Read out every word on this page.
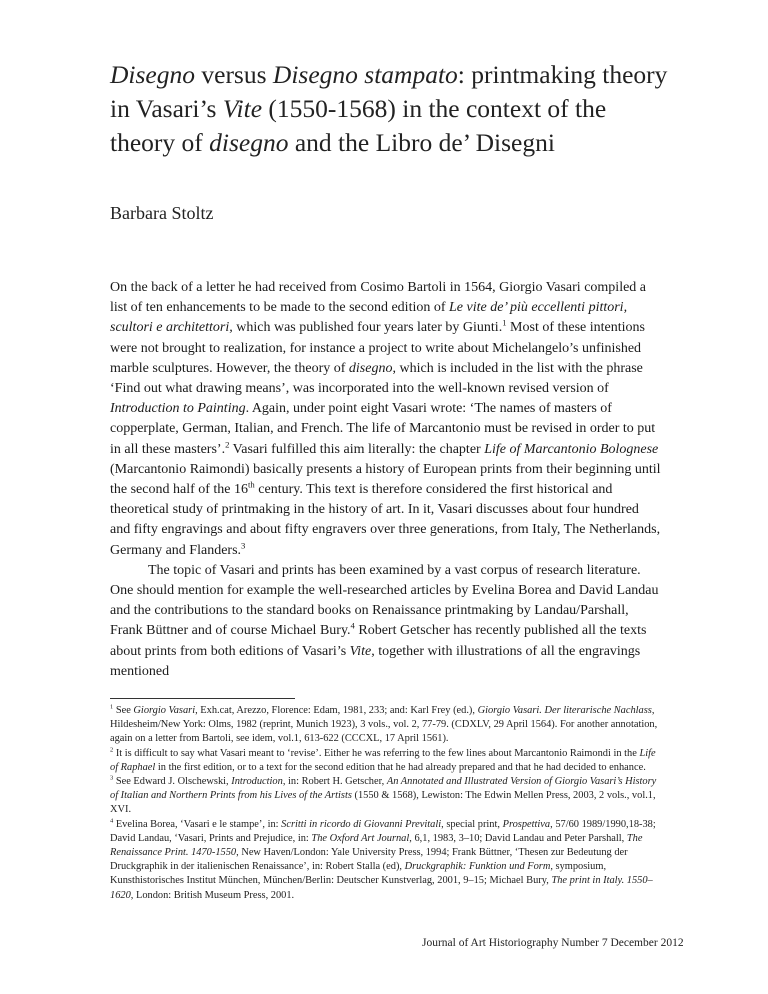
Disegno versus Disegno stampato: printmaking theory in Vasari’s Vite (1550-1568) in the context of the theory of disegno and the Libro de’ Disegni

Barbara Stoltz

On the back of a letter he had received from Cosimo Bartoli in 1564, Giorgio Vasari compiled a list of ten enhancements to be made to the second edition of Le vite de’ più eccellenti pittori, scultori e architettori, which was published four years later by Giunti.$^1$ Most of these intentions were not brought to realization, for instance a project to write about Michelangelo’s unfinished marble sculptures. However, the theory of disegno, which is included in the list with the phrase ‘Find out what drawing means’, was incorporated into the well-known revised version of Introduction to Painting. Again, under point eight Vasari wrote: ‘The names of masters of copperplate, German, Italian, and French. The life of Marcantonio must be revised in order to put in all these masters’.$^2$ Vasari fulfilled this aim literally: the chapter Life of Marcantonio Bolognese (Marcantonio Raimondi) basically presents a history of European prints from their beginning until the second half of the 16th century. This text is therefore considered the first historical and theoretical study of printmaking in the history of art. In it, Vasari discusses about four hundred and fifty engravings and about fifty engravers over three generations, from Italy, The Netherlands, Germany and Flanders.$^3$

The topic of Vasari and prints has been examined by a vast corpus of research literature. One should mention for example the well-researched articles by Evelina Borea and David Landau and the contributions to the standard books on Renaissance printmaking by Landau/Parshall, Frank Büttner and of course Michael Bury.$^4$ Robert Getscher has recently published all the texts about prints from both editions of Vasari’s Vite, together with illustrations of all the engravings mentioned

$^1$ See Giorgio Vasari, Exh.cat, Arezzo, Florence: Edam, 1981, 233; and: Karl Frey (ed.), Giorgio Vasari. Der literarische Nachlass, Hildesheim/New York: Olms, 1982 (reprint, Munich 1923), 3 vols., vol. 2, 77-79. (CDXLV, 29 April 1564). For another annotation, again on a letter from Bartoli, see idem, vol.1, 613-622 (CCCXL, 17 April 1561).

$^2$ It is difficult to say what Vasari meant to ‘revise’. Either he was referring to the few lines about Marcantonio Raimondi in the Life of Raphael in the first edition, or to a text for the second edition that he had already prepared and that he had decided to enhance.

$^3$ See Edward J. Olschewski, Introduction, in: Robert H. Getscher, An Annotated and Illustrated Version of Giorgio Vasari’s History of Italian and Northern Prints from his Lives of the Artists (1550 & 1568), Lewiston: The Edwin Mellen Press, 2003, 2 vols., vol.1, XVI.

$^4$ Evelina Borea, ‘Vasari e le stampe’, in: Scritti in ricordo di Giovanni Previtali, special print, Prospettiva, 57/60 1989/1990,18-38; David Landau, ‘Vasari, Prints and Prejudice, in: The Oxford Art Journal, 6,1, 1983, 3–10; David Landau and Peter Parshall, The Renaissance Print. 1470-1550, New Haven/London: Yale University Press, 1994; Frank Büttner, ‘Thesen zur Bedeutung der Druckgraphik in der italienischen Renaissance’, in: Robert Stalla (ed), Druckgraphik: Funktion und Form, symposium, Kunsthistorisches Institut München, München/Berlin: Deutscher Kunstverlag, 2001, 9–15; Michael Bury, The print in Italy. 1550–1620, London: British Museum Press, 2001.

Journal of Art Historiography Number 7 December 2012
